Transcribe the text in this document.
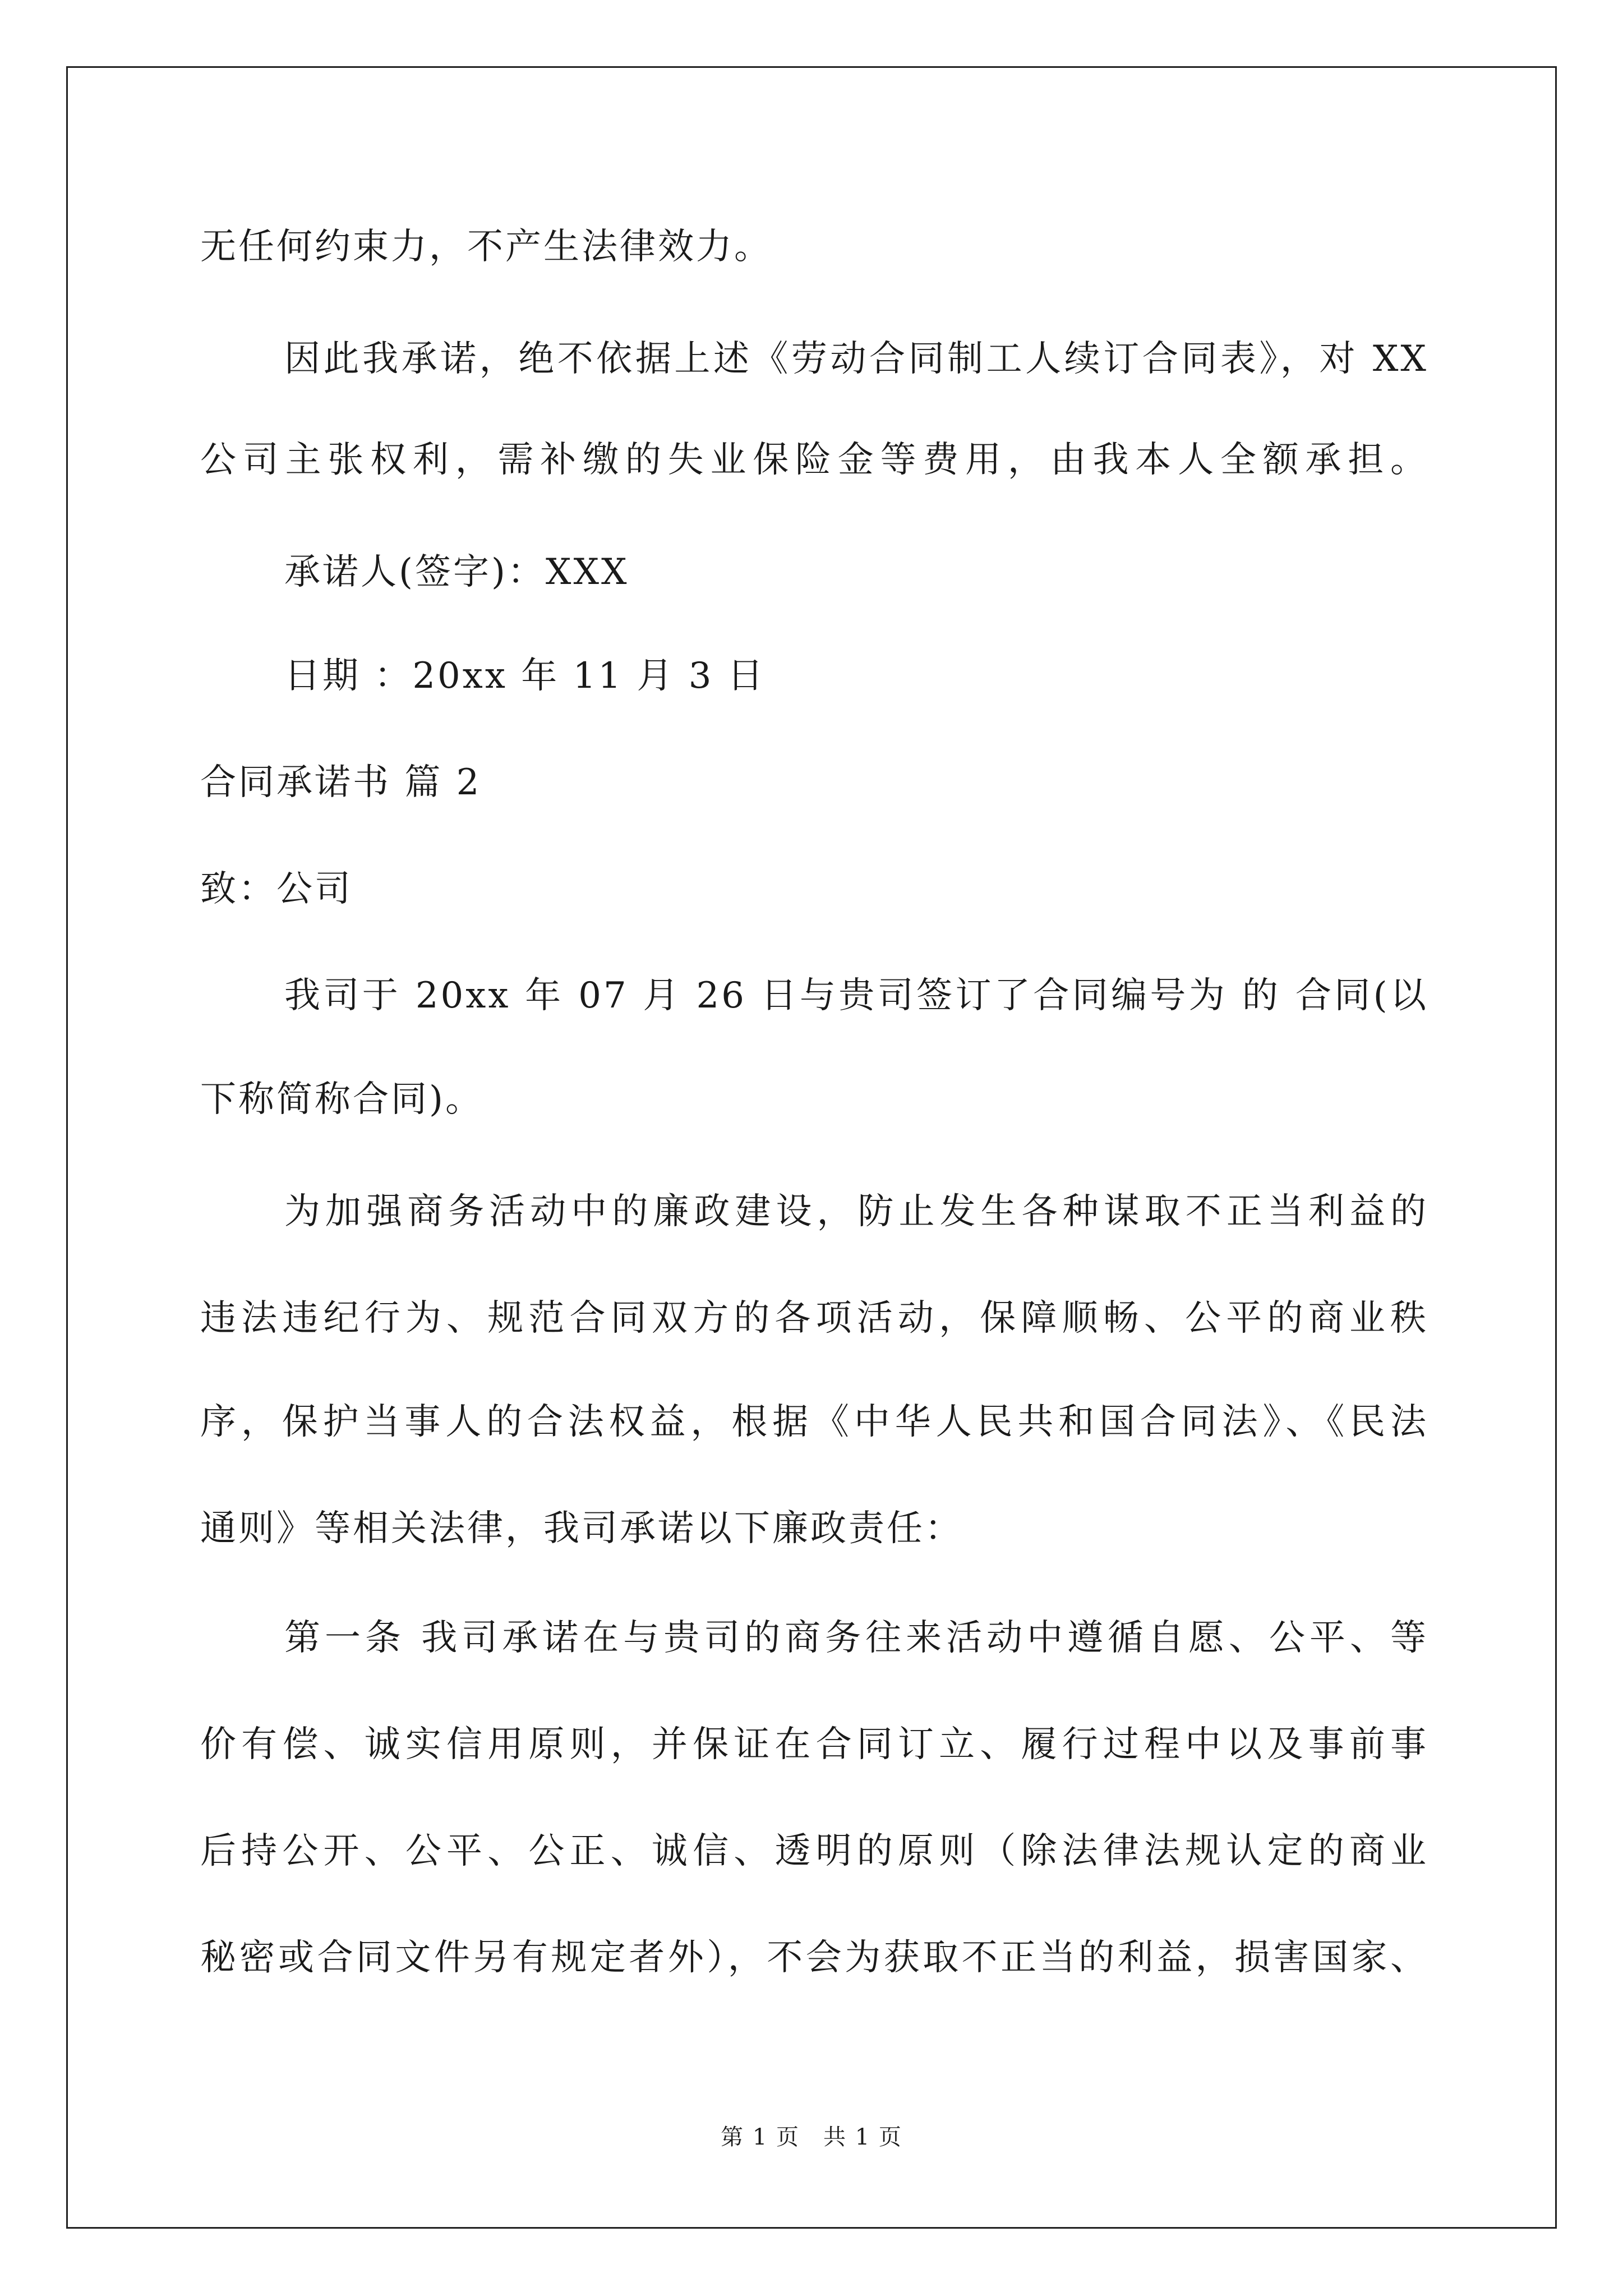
无任何约束力，不产生法律效力。
因此我承诺，绝不依据上述《劳动合同制工人续订合同表》，对 XX
公司主张权利，需补缴的失业保险金等费用，由我本人全额承担。
承诺人(签字)：XXX
日期 ：20xx 年 11 月 3 日
合同承诺书 篇 2
致：公司
我司于 20xx 年 07 月 26 日与贵司签订了合同编号为 的 合同(以
下称简称合同)。
为加强商务活动中的廉政建设，防止发生各种谋取不正当利益的
违法违纪行为、规范合同双方的各项活动，保障顺畅、公平的商业秩
序，保护当事人的合法权益，根据《中华人民共和国合同法》、《民法
通则》等相关法律，我司承诺以下廉政责任：
第一条 我司承诺在与贵司的商务往来活动中遵循自愿、公平、等
价有偿、诚实信用原则，并保证在合同订立、履行过程中以及事前事
后持公开、公平、公正、诚信、透明的原则（除法律法规认定的商业
秘密或合同文件另有规定者外），不会为获取不正当的利益，损害国家、
第 1 页　共 1 页
